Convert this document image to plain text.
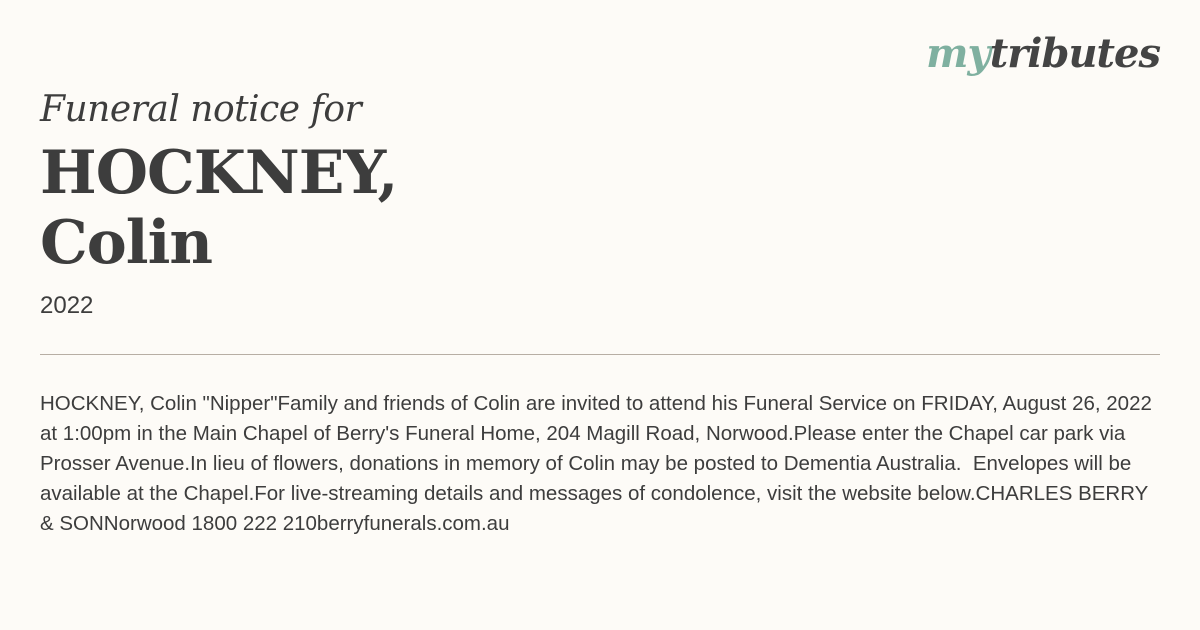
mytributes
Funeral notice for
HOCKNEY,
Colin
2022
HOCKNEY, Colin "Nipper"Family and friends of Colin are invited to attend his Funeral Service on FRIDAY, August 26, 2022 at 1:00pm in the Main Chapel of Berry's Funeral Home, 204 Magill Road, Norwood.Please enter the Chapel car park via Prosser Avenue.In lieu of flowers, donations in memory of Colin may be posted to Dementia Australia.  Envelopes will be available at the Chapel.For live-streaming details and messages of condolence, visit the website below.CHARLES BERRY & SONNorwood 1800 222 210berryfunerals.com.au
